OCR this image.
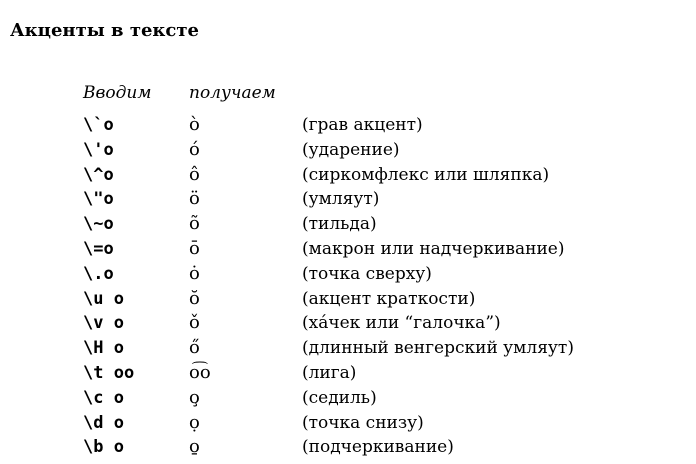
Акценты в тексте
Вводим получаем
\`o	ò	(грав акцент)
\'o	ó	(ударение)
\^o	ô	(сиркомфлекс или шляпка)
\"o	ö	(умляут)
\~o	õ	(тильда)
\=o	ō	(макрон или надчеркивание)
\.o	ȯ	(точка сверху)
\u o	ŏ	(акцент краткости)
\v o	ǒ	(xáчек или “галочка”)
\H o	ő	(длинный венгерский умляут)
\t oo	o͡o	(лига)
\c o	o̧	(седиль)
\d o	ọ	(точка снизу)
\b o	o̱	(подчеркивание)
